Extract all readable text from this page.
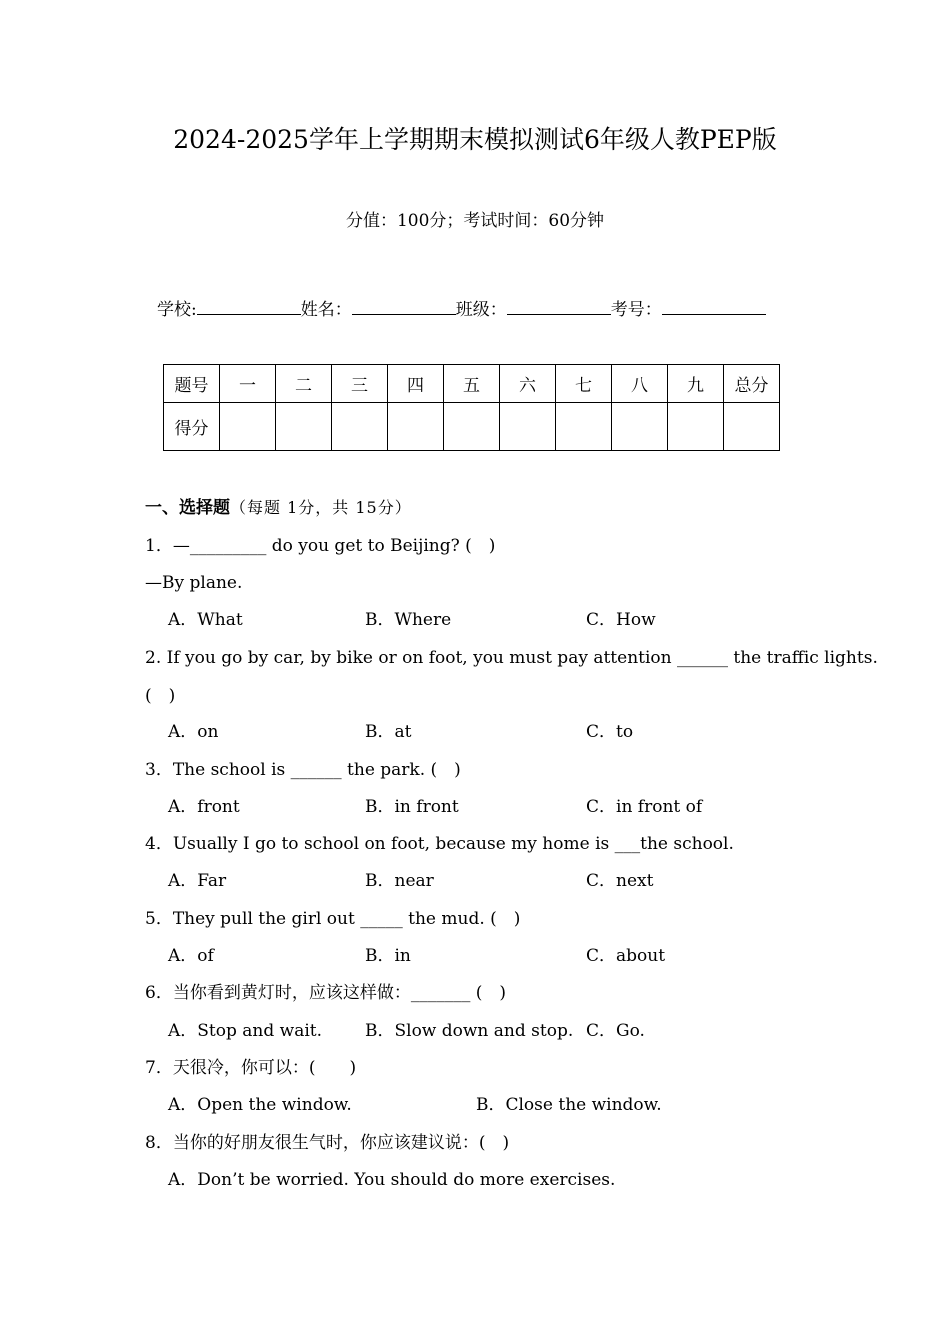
2024-2025学年上学期期末模拟测试6年级人教PEP版
分值：100分；考试时间：60分钟
学校:	姓名：	班级：	考号：
题号	一	二	三	四	五	六	七	八	九	总分
得分										
一、选择题（每题 1分，共 15分）
1．—_________ do you get to Beijing? (　)
—By plane.
A．What	B．Where	C．How
2. If you go by car, by bike or on foot, you must pay attention ______ the traffic lights.
(　)
A．on	B．at	C．to
3．The school is ______ the park. (　)
A．front	B．in front	C．in front of
4．Usually I go to school on foot, because my home is ___the school.
A．Far	B．near	C．next
5．They pull the girl out _____ the mud. (　)
A．of	B．in	C．about
6．当你看到黄灯时，应该这样做：_______ (　)
A．Stop and wait.	B．Slow down and stop. C．Go.
7．天很冷，你可以：(　　)
A．Open the window.	B．Close the window.
8．当你的好朋友很生气时，你应该建议说：(　)
A．Don’t be worried. You should do more exercises.
